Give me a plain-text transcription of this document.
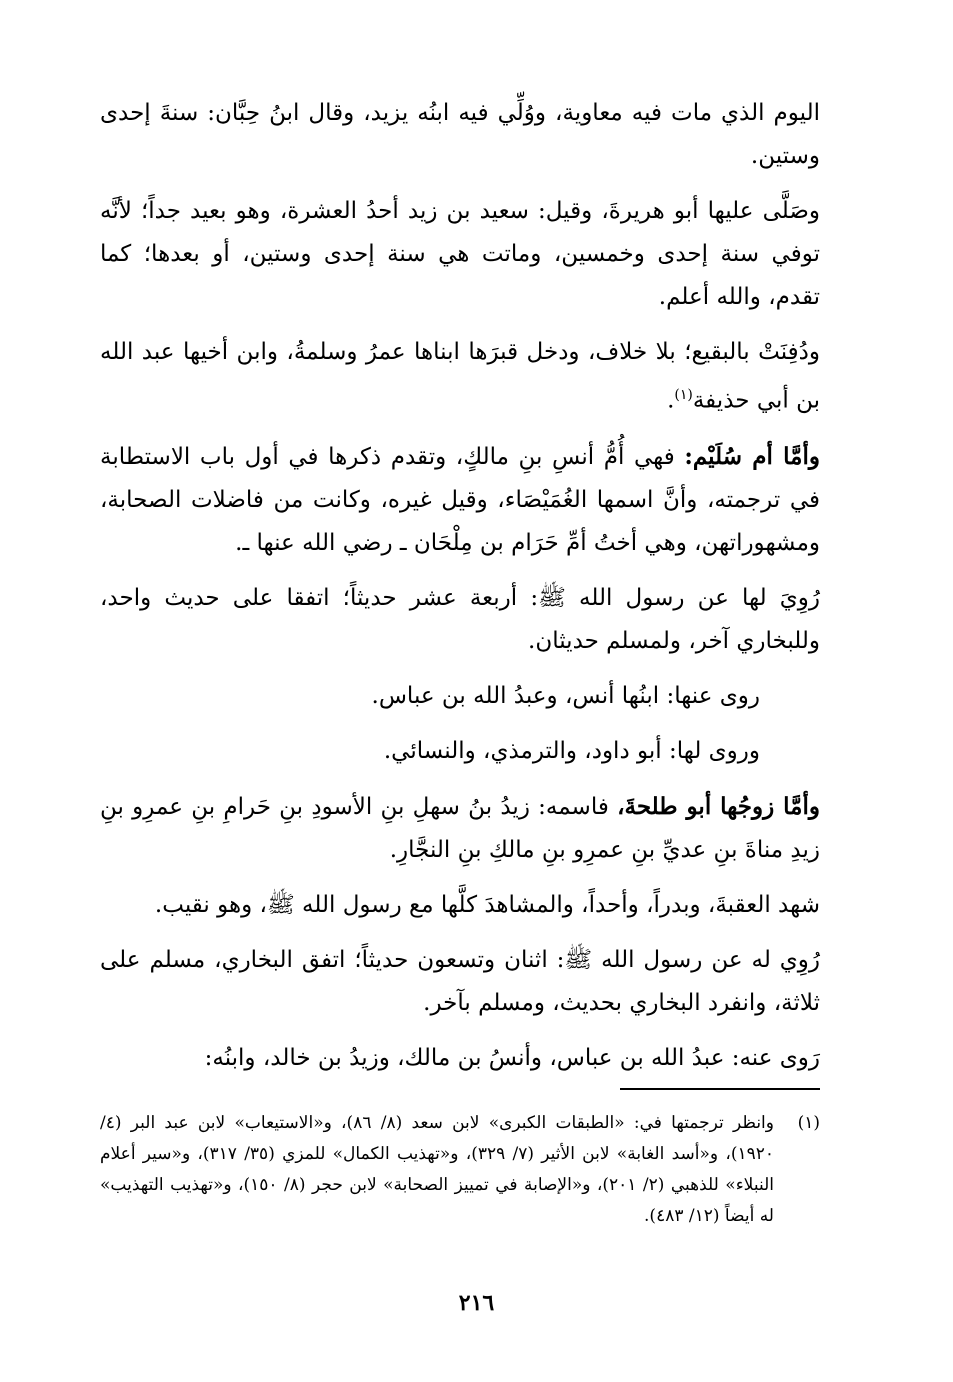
اليوم الذي مات فيه معاوية، ووُلِّي فيه ابنُه يزيد، وقال ابنُ حِبَّان: سنةَ إحدى وستين.

وصَلَّى عليها أبو هريرةَ، وقيل: سعيد بن زيد أحدُ العشرة، وهو بعيد جداً؛ لأنَّه توفي سنة إحدى وخمسين، وماتت هي سنة إحدى وستين، أو بعدها؛ كما تقدم، والله أعلم.

ودُفِنَتْ بالبقيع؛ بلا خلاف، ودخل قبرَها ابناها عمرُ وسلمةُ، وابن أخيها عبد الله بن أبي حذيفة$^{(١)}$.

وأمَّا أم سُلَيْم: فهي أُمُّ أنسِ بنِ مالكٍ، وتقدم ذكرها في أول باب الاستطابة في ترجمته، وأنَّ اسمها الغُمَيْصَاء، وقيل غيره، وكانت من فاضلات الصحابة، ومشهوراتهن، وهي أختُ أمِّ حَرَام بن مِلْحَان ـ رضي الله عنها ـ.

رُوِيَ لها عن رسول الله ﷺ: أربعة عشر حديثاً؛ اتفقا على حديث واحد، وللبخاري آخر، ولمسلم حديثان.

روى عنها: ابنُها أنس، وعبدُ الله بن عباس.

وروى لها: أبو داود، والترمذي، والنسائي.

وأمَّا زوجُها أبو طلحةَ، فاسمه: زيدُ بنُ سهلِ بنِ الأسودِ بنِ حَرامِ بنِ عمرِو بنِ زيدِ مناةَ بنِ عديِّ بنِ عمرِو بنِ مالكِ بنِ النجَّارِ.

شهد العقبةَ، وبدراً، وأحداً، والمشاهدَ كلَّها مع رسول الله ﷺ، وهو نقيب.

رُوِي له عن رسول الله ﷺ: اثنان وتسعون حديثاً؛ اتفق البخاري، مسلم على ثلاثة، وانفرد البخاري بحديث، ومسلم بآخر.

رَوى عنه: عبدُ الله بن عباس، وأنسُ بن مالك، وزيدُ بن خالد، وابنُه:

(١)
وانظر ترجمتها في: «الطبقات الكبرى» لابن سعد (٨/ ٨٦)، و«الاستيعاب» لابن عبد البر (٤/ ١٩٢٠)، و«أسد الغابة» لابن الأثير (٧/ ٣٢٩)، و«تهذيب الكمال» للمزي (٣٥/ ٣١٧)، و«سير أعلام النبلاء» للذهبي (٢/ ٢٠١)، و«الإصابة في تمييز الصحابة» لابن حجر (٨/ ١٥٠)، و«تهذيب التهذيب» له أيضاً (١٢/ ٤٨٣).
٢١٦
